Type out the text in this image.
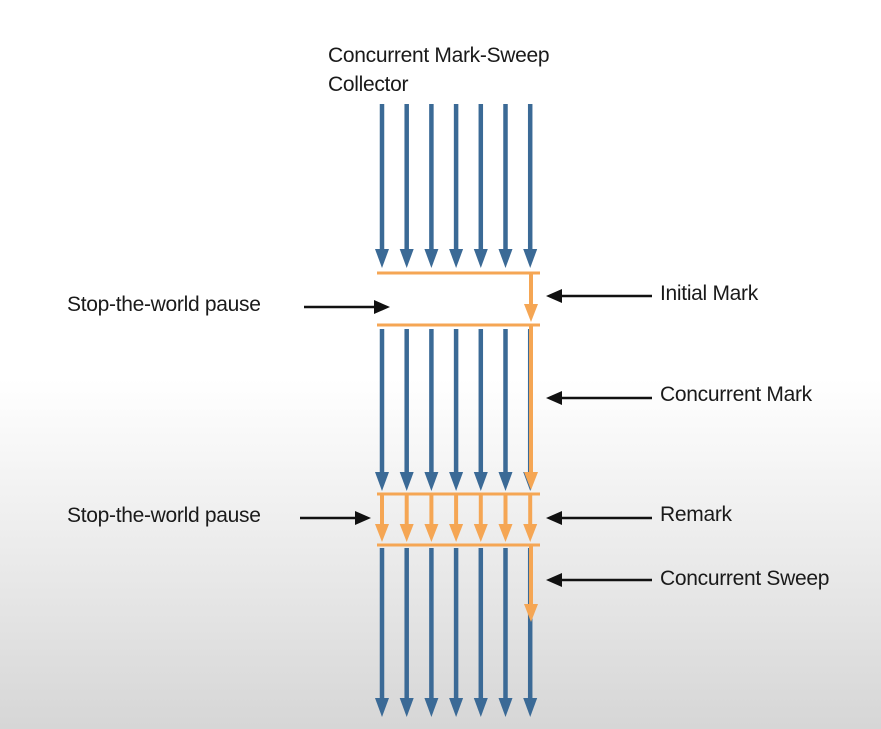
Concurrent Mark-Sweep
Collector
Stop-the-world pause
Stop-the-world pause
Initial Mark
Concurrent Mark
Remark
Concurrent Sweep
